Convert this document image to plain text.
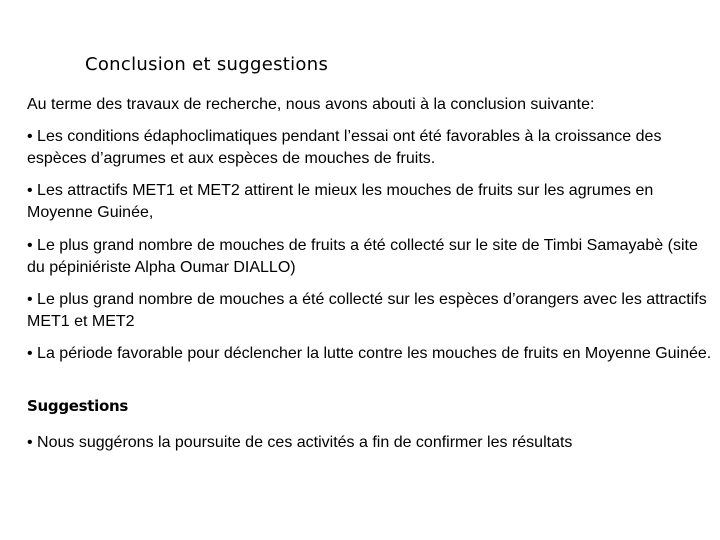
Conclusion et suggestions
Au terme des travaux de recherche, nous avons abouti à la conclusion suivante:
• Les conditions édaphoclimatiques pendant l’essai ont été favorables à la croissance des espèces d’agrumes et aux espèces de mouches de fruits.
• Les attractifs MET1 et MET2 attirent le mieux les mouches de fruits sur les agrumes en Moyenne Guinée,
• Le plus grand nombre de mouches de fruits a été collecté sur le site de Timbi Samayabè (site du pépiniériste Alpha Oumar DIALLO)
• Le plus grand nombre de mouches a été collecté sur les espèces d’orangers avec les attractifs MET1 et MET2
• La période favorable pour déclencher la lutte contre les mouches de fruits en Moyenne Guinée.
Suggestions
• Nous suggérons la poursuite de ces activités a fin de confirmer les résultats
